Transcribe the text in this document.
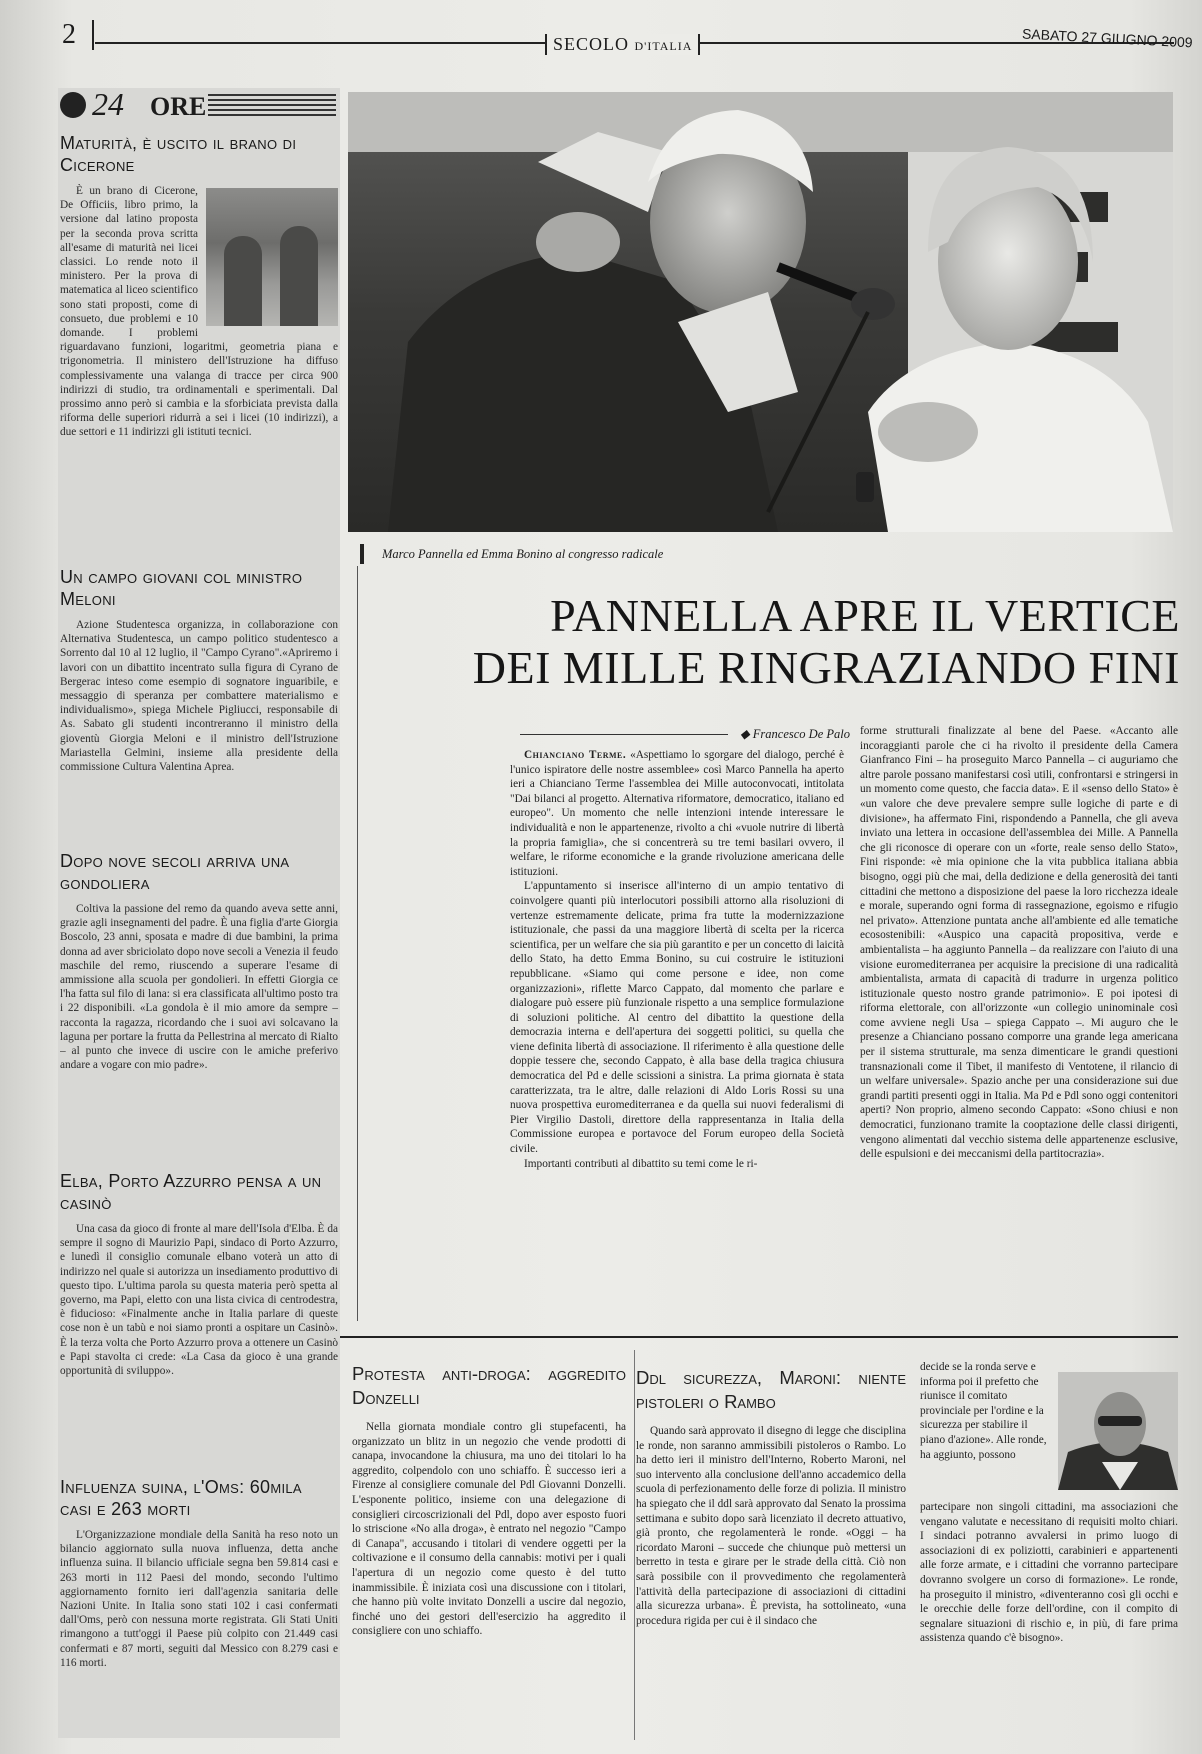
2	SECOLO D'ITALIA	SABATO 27 GIUGNO 2009
24 ORE
Maturità, è uscito il brano di Cicerone

È un brano di Cicerone, De Officiis, libro primo, la versione dal latino proposta per la seconda prova scritta all'esame di maturità nei licei classici. Lo rende noto il ministero. Per la prova di matematica al liceo scientifico sono stati proposti, come di consueto, due problemi e 10 domande. I problemi riguardavano funzioni, logaritmi, geometria piana e trigonometria. Il ministero dell'Istruzione ha diffuso complessivamente una valanga di tracce per circa 900 indirizzi di studio, tra ordinamentali e sperimentali. Dal prossimo anno però si cambia e la sforbiciata prevista dalla riforma delle superiori ridurrà a sei i licei (10 indirizzi), a due settori e 11 indirizzi gli istituti tecnici.

Un campo giovani col ministro Meloni

Azione Studentesca organizza, in collaborazione con Alternativa Studentesca, un campo politico studentesco a Sorrento dal 10 al 12 luglio, il "Campo Cyrano".«Apriremo i lavori con un dibattito incentrato sulla figura di Cyrano de Bergerac inteso come esempio di sognatore inguaribile, e messaggio di speranza per combattere materialismo e individualismo», spiega Michele Pigliucci, responsabile di As. Sabato gli studenti incontreranno il ministro della gioventù Giorgia Meloni e il ministro dell'Istruzione Mariastella Gelmini, insieme alla presidente della commissione Cultura Valentina Aprea.

Dopo nove secoli arriva una gondoliera

Coltiva la passione del remo da quando aveva sette anni, grazie agli insegnamenti del padre. È una figlia d'arte Giorgia Boscolo, 23 anni, sposata e madre di due bambini, la prima donna ad aver sbriciolato dopo nove secoli a Venezia il feudo maschile del remo, riuscendo a superare l'esame di ammissione alla scuola per gondolieri. In effetti Giorgia ce l'ha fatta sul filo di lana: si era classificata all'ultimo posto tra i 22 disponibili. «La gondola è il mio amore da sempre – racconta la ragazza, ricordando che i suoi avi solcavano la laguna per portare la frutta da Pellestrina al mercato di Rialto – al punto che invece di uscire con le amiche preferivo andare a vogare con mio padre».

Elba, Porto Azzurro pensa a un casinò

Una casa da gioco di fronte al mare dell'Isola d'Elba. È da sempre il sogno di Maurizio Papi, sindaco di Porto Azzurro, e lunedì il consiglio comunale elbano voterà un atto di indirizzo nel quale si autorizza un insediamento produttivo di questo tipo. L'ultima parola su questa materia però spetta al governo, ma Papi, eletto con una lista civica di centrodestra, è fiducioso: «Finalmente anche in Italia parlare di queste cose non è un tabù e noi siamo pronti a ospitare un Casinò». È la terza volta che Porto Azzurro prova a ottenere un Casinò e Papi stavolta ci crede: «La Casa da gioco è una grande opportunità di sviluppo».

Influenza suina, l'Oms: 60mila casi e 263 morti

L'Organizzazione mondiale della Sanità ha reso noto un bilancio aggiornato sulla nuova influenza, detta anche influenza suina. Il bilancio ufficiale segna ben 59.814 casi e 263 morti in 112 Paesi del mondo, secondo l'ultimo aggiornamento fornito ieri dall'agenzia sanitaria delle Nazioni Unite. In Italia sono stati 102 i casi confermati dall'Oms, però con nessuna morte registrata. Gli Stati Uniti rimangono a tutt'oggi il Paese più colpito con 21.449 casi confermati e 87 morti, seguiti dal Messico con 8.279 casi e 116 morti.

Marco Pannella ed Emma Bonino al congresso radicale
PANNELLA APRE IL VERTICE
DEI MILLE RINGRAZIANDO FINI
◆ Francesco De Palo

Chianciano Terme. «Aspettiamo lo sgorgare del dialogo, perché è l'unico ispiratore delle nostre assemblee» così Marco Pannella ha aperto ieri a Chianciano Terme l'assemblea dei Mille autoconvocati, intitolata "Dai bilanci al progetto. Alternativa riformatore, democratico, italiano ed europeo". Un momento che nelle intenzioni intende interessare le individualità e non le appartenenze, rivolto a chi «vuole nutrire di libertà la propria famiglia», che si concentrerà su tre temi basilari ovvero, il welfare, le riforme economiche e la grande rivoluzione americana delle istituzioni.

L'appuntamento si inserisce all'interno di un ampio tentativo di coinvolgere quanti più interlocutori possibili attorno alla risoluzioni di vertenze estremamente delicate, prima fra tutte la modernizzazione istituzionale, che passi da una maggiore libertà di scelta per la ricerca scientifica, per un welfare che sia più garantito e per un concetto di laicità dello Stato, ha detto Emma Bonino, su cui costruire le istituzioni repubblicane. «Siamo qui come persone e idee, non come organizzazioni», riflette Marco Cappato, dal momento che parlare e dialogare può essere più funzionale rispetto a una semplice formulazione di soluzioni politiche. Al centro del dibattito la questione della democrazia interna e dell'apertura dei soggetti politici, su quella che viene definita libertà di associazione. Il riferimento è alla questione delle doppie tessere che, secondo Cappato, è alla base della tragica chiusura democratica del Pd e delle scissioni a sinistra. La prima giornata è stata caratterizzata, tra le altre, dalle relazioni di Aldo Loris Rossi su una nuova prospettiva euromediterranea e da quella sui nuovi federalismi di Pier Virgilio Dastoli, direttore della rappresentanza in Italia della Commissione europea e portavoce del Forum europeo della Società civile.

Importanti contributi al dibattito su temi come le ri-

forme strutturali finalizzate al bene del Paese. «Accanto alle incoraggianti parole che ci ha rivolto il presidente della Camera Gianfranco Fini – ha proseguito Marco Pannella – ci auguriamo che altre parole possano manifestarsi così utili, confrontarsi e stringersi in un momento come questo, che faccia data». E il «senso dello Stato» è «un valore che deve prevalere sempre sulle logiche di parte e di divisione», ha affermato Fini, rispondendo a Pannella, che gli aveva inviato una lettera in occasione dell'assemblea dei Mille. A Pannella che gli riconosce di operare con un «forte, reale senso dello Stato», Fini risponde: «è mia opinione che la vita pubblica italiana abbia bisogno, oggi più che mai, della dedizione e della generosità dei tanti cittadini che mettono a disposizione del paese la loro ricchezza ideale e morale, superando ogni forma di rassegnazione, egoismo e rifugio nel privato». Attenzione puntata anche all'ambiente ed alle tematiche ecosostenibili: «Auspico una capacità propositiva, verde e ambientalista – ha aggiunto Pannella – da realizzare con l'aiuto di una visione euromediterranea per acquisire la precisione di una radicalità ambientalista, armata di capacità di tradurre in urgenza politico istituzionale questo nostro grande patrimonio». E poi ipotesi di riforma elettorale, con all'orizzonte «un collegio uninominale così come avviene negli Usa – spiega Cappato –. Mi auguro che le presenze a Chianciano possano comporre una grande lega americana per il sistema strutturale, ma senza dimenticare le grandi questioni transnazionali come il Tibet, il manifesto di Ventotene, il rilancio di un welfare universale». Spazio anche per una considerazione sui due grandi partiti presenti oggi in Italia. Ma Pd e Pdl sono oggi contenitori aperti? Non proprio, almeno secondo Cappato: «Sono chiusi e non democratici, funzionano tramite la cooptazione delle classi dirigenti, vengono alimentati dal vecchio sistema delle appartenenze esclusive, delle espulsioni e dei meccanismi della partitocrazia».

Protesta anti-droga: aggredito Donzelli

Nella giornata mondiale contro gli stupefacenti, ha organizzato un blitz in un negozio che vende prodotti di canapa, invocandone la chiusura, ma uno dei titolari lo ha aggredito, colpendolo con uno schiaffo. È successo ieri a Firenze al consigliere comunale del Pdl Giovanni Donzelli. L'esponente politico, insieme con una delegazione di consiglieri circoscrizionali del Pdl, dopo aver esposto fuori lo striscione «No alla droga», è entrato nel negozio "Campo di Canapa", accusando i titolari di vendere oggetti per la coltivazione e il consumo della cannabis: motivi per i quali l'apertura di un negozio come questo è del tutto inammissibile. È iniziata così una discussione con i titolari, che hanno più volte invitato Donzelli a uscire dal negozio, finché uno dei gestori dell'esercizio ha aggredito il consigliere con uno schiaffo.

Ddl sicurezza, Maroni: niente pistoleri o Rambo

Quando sarà approvato il disegno di legge che disciplina le ronde, non saranno ammissibili pistoleros o Rambo. Lo ha detto ieri il ministro dell'Interno, Roberto Maroni, nel suo intervento alla conclusione dell'anno accademico della scuola di perfezionamento delle forze di polizia. Il ministro ha spiegato che il ddl sarà approvato dal Senato la prossima settimana e subito dopo sarà licenziato il decreto attuativo, già pronto, che regolamenterà le ronde. «Oggi – ha ricordato Maroni – succede che chiunque può mettersi un berretto in testa e girare per le strade della città. Ciò non sarà possibile con il provvedimento che regolamenterà l'attività della partecipazione di associazioni di cittadini alla sicurezza urbana». È prevista, ha sottolineato, «una procedura rigida per cui è il sindaco che

decide se la ronda serve e informa poi il prefetto che riunisce il comitato provinciale per l'ordine e la sicurezza per stabilire il piano d'azione». Alle ronde, ha aggiunto, possono

partecipare non singoli cittadini, ma associazioni che vengano valutate e necessitano di requisiti molto chiari. I sindaci potranno avvalersi in primo luogo di associazioni di ex poliziotti, carabinieri e appartenenti alle forze armate, e i cittadini che vorranno partecipare dovranno svolgere un corso di formazione». Le ronde, ha proseguito il ministro, «diventeranno così gli occhi e le orecchie delle forze dell'ordine, con il compito di segnalare situazioni di rischio e, in più, di fare prima assistenza quando c'è bisogno».
